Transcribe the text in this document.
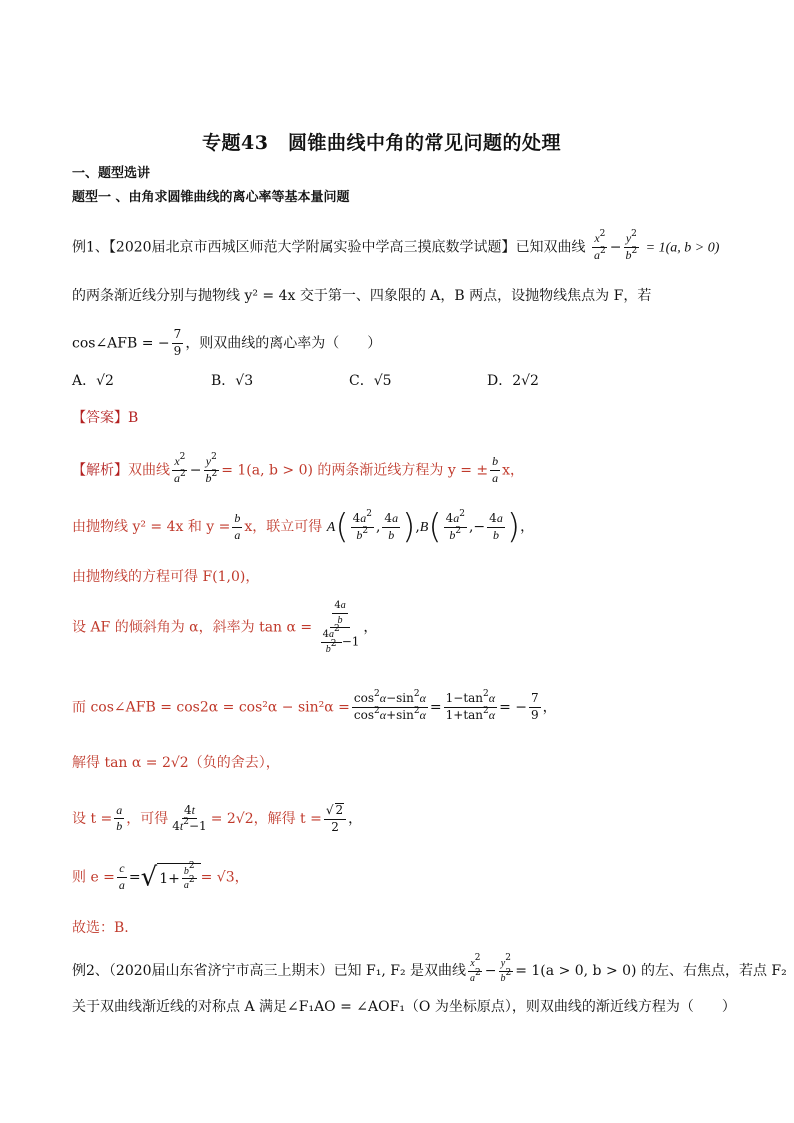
专题43　圆锥曲线中角的常见问题的处理
一、题型选讲
题型一 、由角求圆锥曲线的离心率等基本量问题
例1、【2020届北京市西城区师范大学附属实验中学高三摸底数学试题】已知双曲线 $\frac{x^2}{a^2} - \frac{y^2}{b^2} = 1(a$, b > 0)
的两条渐近线分别与抛物线 y² = 4x 交于第一、四象限的 A，B 两点，设抛物线焦点为 F，若
cos∠AFB = − $\frac{7}{9}$ ，则双曲线的离心率为（　　）
A．√2	B．√3	C．√5	D．2√2
【答案】B
【解析】双曲线 $\frac{x^2}{a^2} - \frac{y^2}{b^2} = 1(a$, b > 0) 的两条渐近线方程为 y = ± $\frac{b}{a}$ x，
由抛物线 y² = 4x 和 $y = \frac{b}{a}$ x，联立可得 $A( \frac{4a^2}{b^2}$ , $\frac{4a}{b} ),B( \frac{4a^2}{b^2}$ ,− $\frac{4a}{b}$ )，
由抛物线的方程可得 F(1,0)，
设 AF 的倾斜角为 α，斜率为 $\tan \alpha = \frac{\frac{4a}{b}}{\frac{4a^2}{b^2} -1}$ ，
而 cos∠AFB = $\cos 2\alpha = \cos^2\alpha - \sin^2\alpha = \frac{\cos^2\alpha-\sin^2\alpha}{\cos^2\alpha+\sin^2\alpha} = \frac{1-\tan^2\alpha}{1+\tan^2\alpha}$ = − $\frac{7}{9}$ ，
解得 tan α = 2√2（负的舍去），
设 $t = \frac{a}{b}$ ，可得 $\frac{4t}{4t^2-1} = 2√2$，解得 $t = \frac{√ 2}{2}$ ，
则 $e = \frac{c}{a}$ =√ $1+ \frac{b^2}{a^2} = √3$，
故选：B.
例2、（2020届山东省济宁市高三上期末）已知 F₁, F₂ 是双曲线 $\frac{x^2}{a^2} - \frac{y^2}{b^2} = 1(a > 0$, b > 0) 的左、右焦点，若点 F₂
关于双曲线渐近线的对称点 A 满足∠F₁AO = ∠AOF₁（O 为坐标原点），则双曲线的渐近线方程为（　　）
